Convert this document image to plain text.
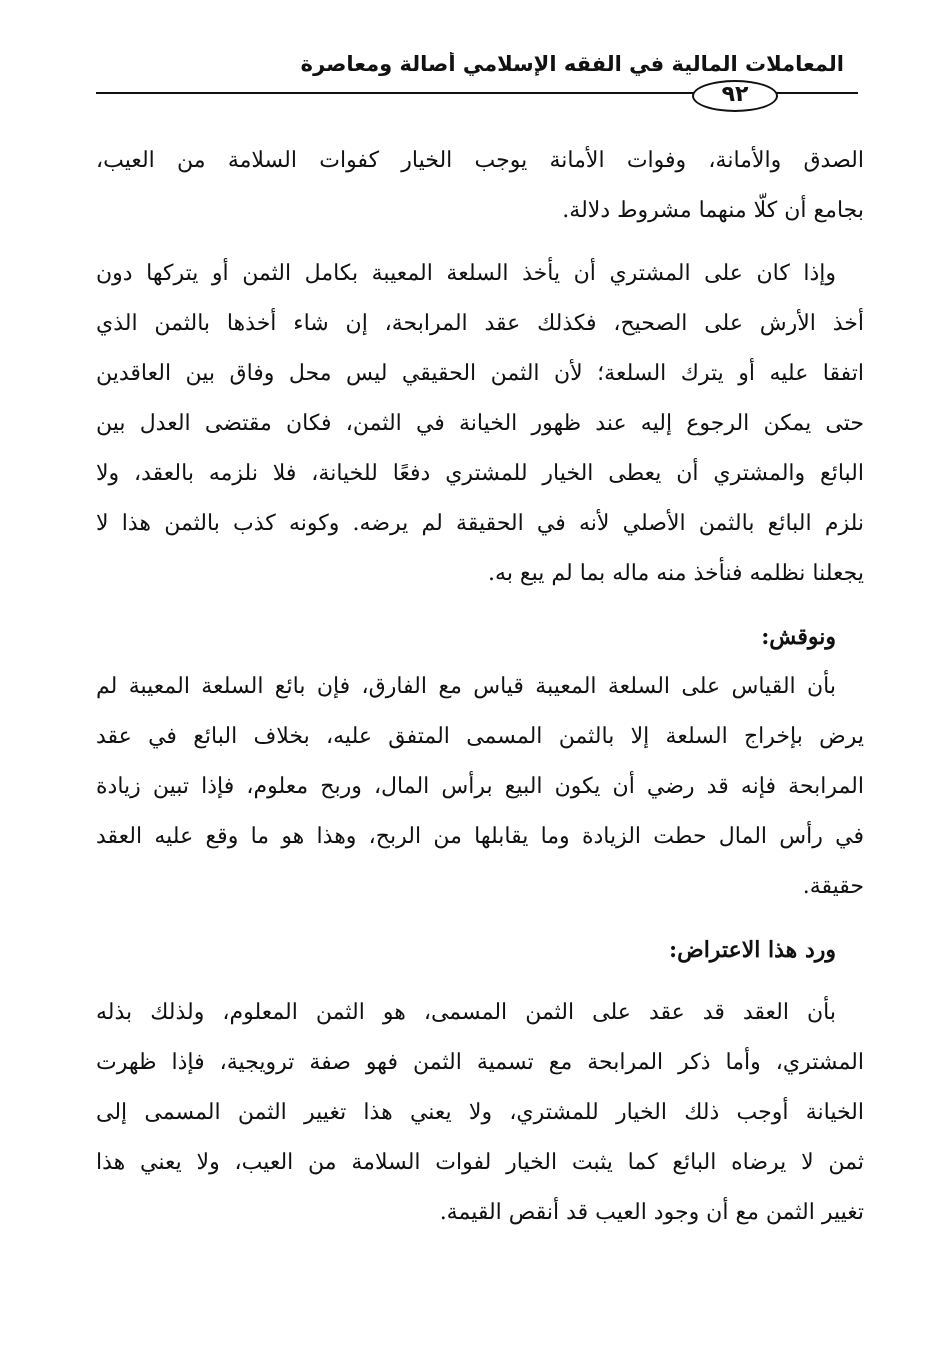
المعاملات المالية في الفقه الإسلامي أصالة ومعاصرة
٩٢
الصدق والأمانة، وفوات الأمانة يوجب الخيار كفوات السلامة من العيب،
بجامع أن كلّا منهما مشروط دلالة.
وإذا كان على المشتري أن يأخذ السلعة المعيبة بكامل الثمن أو يتركها دون
أخذ الأرش على الصحيح، فكذلك عقد المرابحة، إن شاء أخذها بالثمن الذي
اتفقا عليه أو يترك السلعة؛ لأن الثمن الحقيقي ليس محل وفاق بين العاقدين
حتى يمكن الرجوع إليه عند ظهور الخيانة في الثمن، فكان مقتضى العدل بين
البائع والمشتري أن يعطى الخيار للمشتري دفعًا للخيانة، فلا نلزمه بالعقد، ولا
نلزم البائع بالثمن الأصلي لأنه في الحقيقة لم يرضه. وكونه كذب بالثمن هذا لا
يجعلنا نظلمه فنأخذ منه ماله بما لم يبع به.
ونوقش:
بأن القياس على السلعة المعيبة قياس مع الفارق، فإن بائع السلعة المعيبة لم
يرض بإخراج السلعة إلا بالثمن المسمى المتفق عليه، بخلاف البائع في عقد
المرابحة فإنه قد رضي أن يكون البيع برأس المال، وربح معلوم، فإذا تبين زيادة
في رأس المال حطت الزيادة وما يقابلها من الربح، وهذا هو ما وقع عليه العقد
حقيقة.
ورد هذا الاعتراض:
بأن العقد قد عقد على الثمن المسمى، هو الثمن المعلوم، ولذلك بذله
المشتري، وأما ذكر المرابحة مع تسمية الثمن فهو صفة ترويجية، فإذا ظهرت
الخيانة أوجب ذلك الخيار للمشتري، ولا يعني هذا تغيير الثمن المسمى إلى
ثمن لا يرضاه البائع كما يثبت الخيار لفوات السلامة من العيب، ولا يعني هذا
تغيير الثمن مع أن وجود العيب قد أنقص القيمة.
